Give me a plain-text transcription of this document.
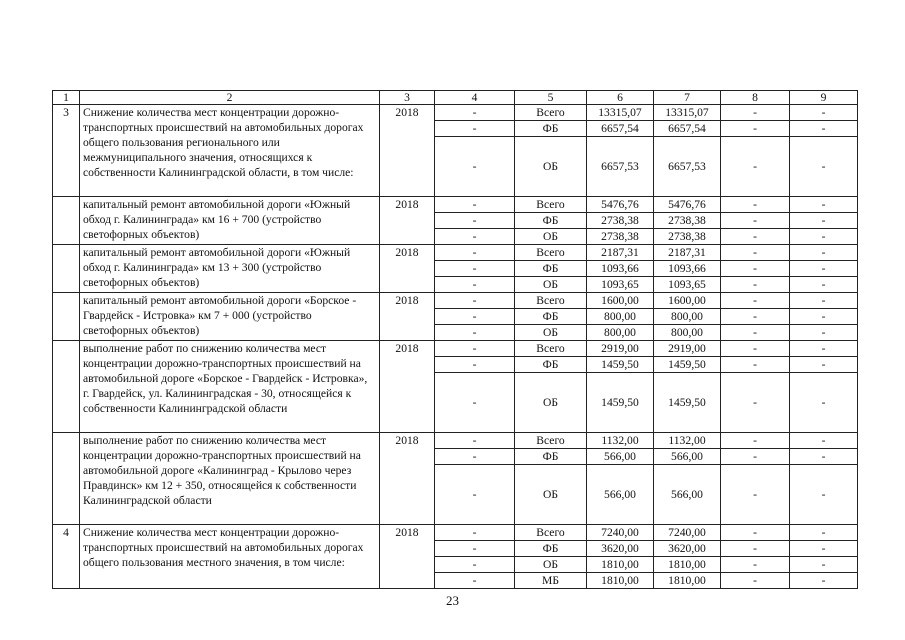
1	2	3	4	5	6	7	8	9
3	Снижение количества мест концентрации дорожно-транспортных происшествий на автомобильных дорогах общего пользования регионального или межмуниципального значения, относящихся к собственности Калининградской области, в том числе:	2018	-	Всего	13315,07	13315,07	-	-
			-	ФБ	6657,54	6657,54	-	-
			-	ОБ	6657,53	6657,53	-	-
	капитальный ремонт автомобильной дороги «Южный обход г. Калининграда» км 16 + 700 (устройство светофорных объектов)	2018	-	Всего	5476,76	5476,76	-	-
			-	ФБ	2738,38	2738,38	-	-
			-	ОБ	2738,38	2738,38	-	-
	капитальный ремонт автомобильной дороги «Южный обход г. Калининграда» км 13 + 300 (устройство светофорных объектов)	2018	-	Всего	2187,31	2187,31	-	-
			-	ФБ	1093,66	1093,66	-	-
			-	ОБ	1093,65	1093,65	-	-
	капитальный ремонт автомобильной дороги «Борское - Гвардейск - Истровка» км 7 + 000 (устройство светофорных объектов)	2018	-	Всего	1600,00	1600,00	-	-
			-	ФБ	800,00	800,00	-	-
			-	ОБ	800,00	800,00	-	-
	выполнение работ по снижению количества мест концентрации дорожно-транспортных происшествий на автомобильной дороге «Борское - Гвардейск - Истровка», г. Гвардейск, ул. Калининградская - 30, относящейся к собственности Калининградской области	2018	-	Всего	2919,00	2919,00	-	-
			-	ФБ	1459,50	1459,50	-	-
			-	ОБ	1459,50	1459,50	-	-
	выполнение работ по снижению количества мест концентрации дорожно-транспортных происшествий на автомобильной дороге «Калининград - Крылово через Правдинск» км 12 + 350, относящейся к собственности Калининградской области	2018	-	Всего	1132,00	1132,00	-	-
			-	ФБ	566,00	566,00	-	-
			-	ОБ	566,00	566,00	-	-
4	Снижение количества мест концентрации дорожно-транспортных происшествий на автомобильных дорогах общего пользования местного значения, в том числе:	2018	-	Всего	7240,00	7240,00	-	-
			-	ФБ	3620,00	3620,00	-	-
			-	ОБ	1810,00	1810,00	-	-
			-	МБ	1810,00	1810,00	-	-
23
